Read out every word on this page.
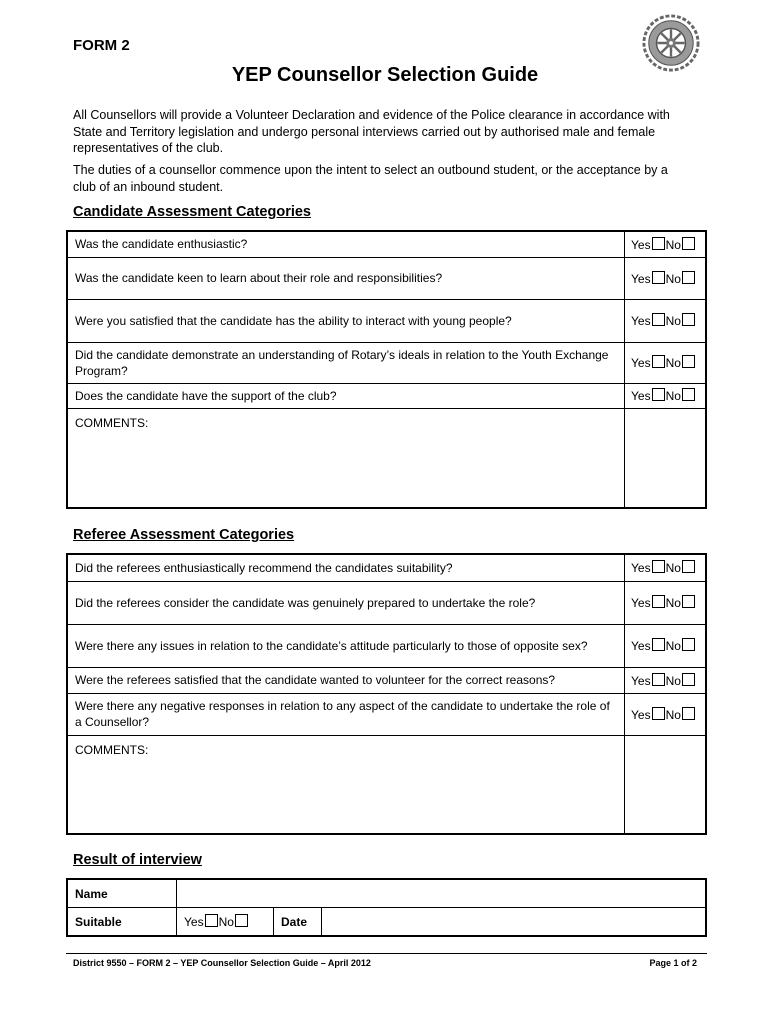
FORM 2
YEP Counsellor Selection Guide
All Counsellors will provide a Volunteer Declaration and evidence of the Police clearance in accordance with State and Territory legislation and undergo personal interviews carried out by authorised male and female representatives of the club.
The duties of a counsellor commence upon the intent to select an outbound student, or the acceptance by a club of an inbound student.
Candidate Assessment Categories
Was the candidate enthusiastic?	Yes No
Was the candidate keen to learn about their role and responsibilities?	Yes No
Were you satisfied that the candidate has the ability to interact with young people?	Yes No
Did the candidate demonstrate an understanding of Rotary’s ideals in relation to the Youth Exchange Program?	Yes No
Does the candidate have the support of the club?	Yes No
COMMENTS:	
Referee Assessment Categories
Did the referees enthusiastically recommend the candidates suitability?	Yes No
Did the referees consider the candidate was genuinely prepared to undertake the role?	Yes No
Were there any issues in relation to the candidate’s attitude particularly to those of opposite sex?	Yes No
Were the referees satisfied that the candidate wanted to volunteer for the correct reasons?	Yes No
Were there any negative responses in relation to any aspect of the candidate to undertake the role of a Counsellor?	Yes No
COMMENTS:	
Result of interview
Name			
Suitable	Yes No	Date	
District 9550 – FORM 2 – YEP Counsellor Selection Guide – April 2012	Page 1 of 2
